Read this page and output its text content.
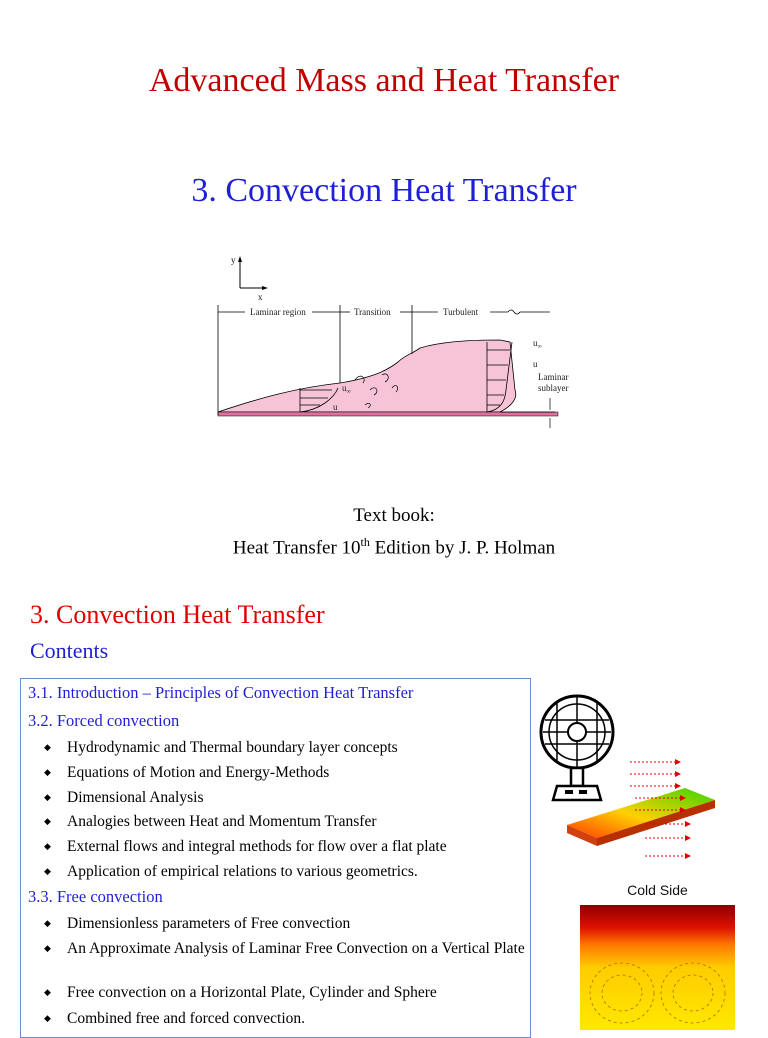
Advanced Mass and Heat Transfer
3. Convection Heat Transfer
y
x
Laminar region	Transition	Turbulent
$u_\infty$
u
$u_\infty$
u
Laminar
sublayer
Text book:
Heat Transfer 10th Edition by J. P. Holman
3. Convection Heat Transfer
Contents
3.1. Introduction – Principles of Convection Heat Transfer
3.2. Forced convection
◆ Hydrodynamic and Thermal boundary layer concepts
◆ Equations of Motion and Energy-Methods
◆ Dimensional Analysis
◆ Analogies between Heat and Momentum Transfer
◆ External flows and integral methods for flow over a flat plate
◆ Application of empirical relations to various geometrics.
3.3. Free convection
◆ Dimensionless parameters of Free convection
◆ An Approximate Analysis of Laminar Free Convection on a Vertical Plate
◆ Free convection on a Horizontal Plate, Cylinder and Sphere
◆ Combined free and forced convection.
Cold Side
